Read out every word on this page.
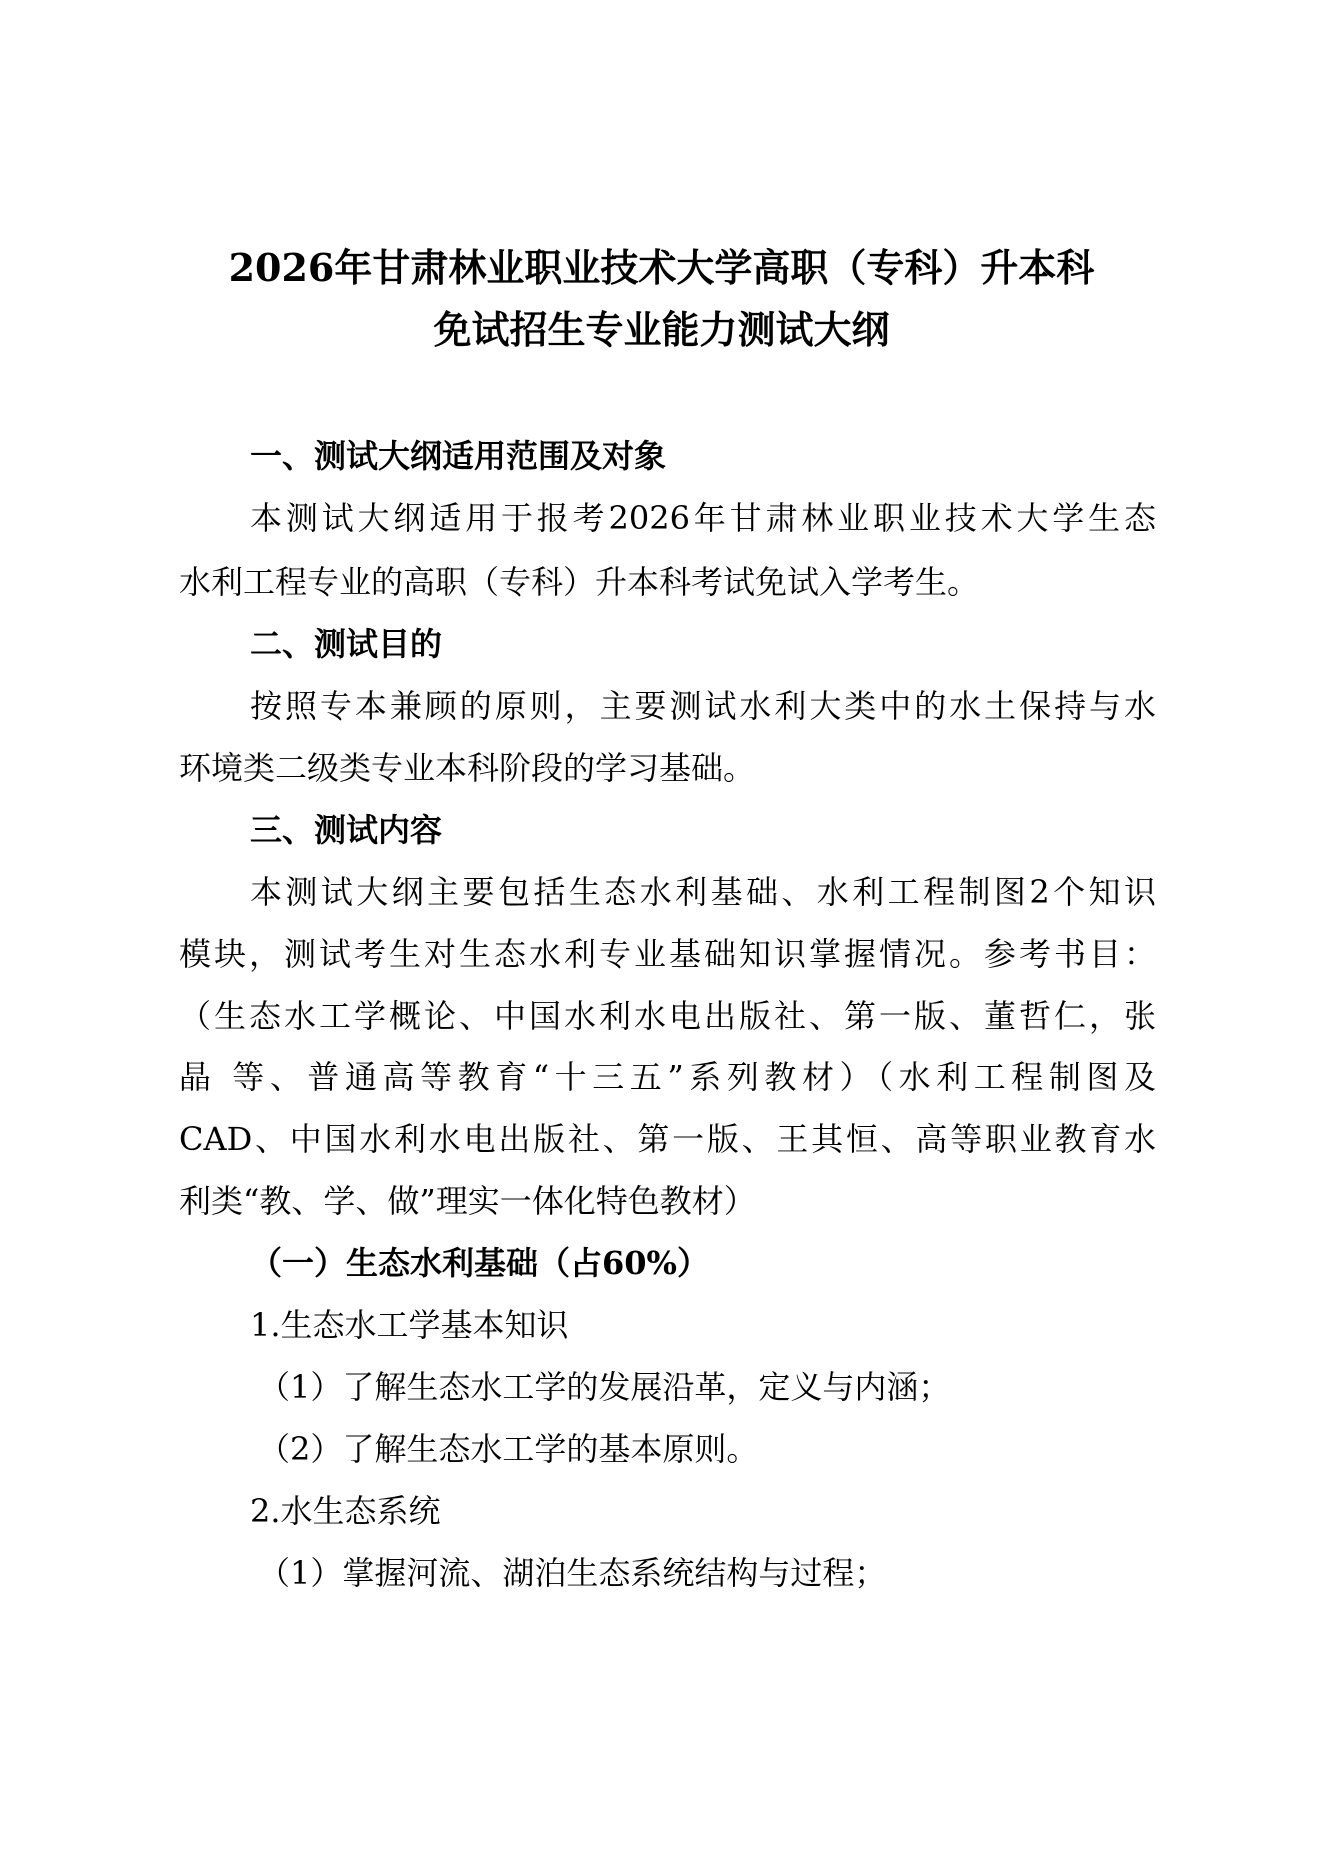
2026年甘肃林业职业技术大学高职（专科）升本科
免试招生专业能力测试大纲
一、测试大纲适用范围及对象
本测试大纲适用于报考2026年甘肃林业职业技术大学生态
水利工程专业的高职（专科）升本科考试免试入学考生。
二、测试目的
按照专本兼顾的原则，主要测试水利大类中的水土保持与水
环境类二级类专业本科阶段的学习基础。
三、测试内容
本测试大纲主要包括生态水利基础、水利工程制图2个知识
模块，测试考生对生态水利专业基础知识掌握情况。参考书目：
（生态水工学概论、中国水利水电出版社、第一版、董哲仁，张
晶 等、普通高等教育“十三五”系列教材）（水利工程制图及
CAD、中国水利水电出版社、第一版、王其恒、高等职业教育水
利类“教、学、做”理实一体化特色教材）
（一）生态水利基础（占60%）
1.生态水工学基本知识
（1）了解生态水工学的发展沿革，定义与内涵；
（2）了解生态水工学的基本原则。
2.水生态系统
（1）掌握河流、湖泊生态系统结构与过程；
